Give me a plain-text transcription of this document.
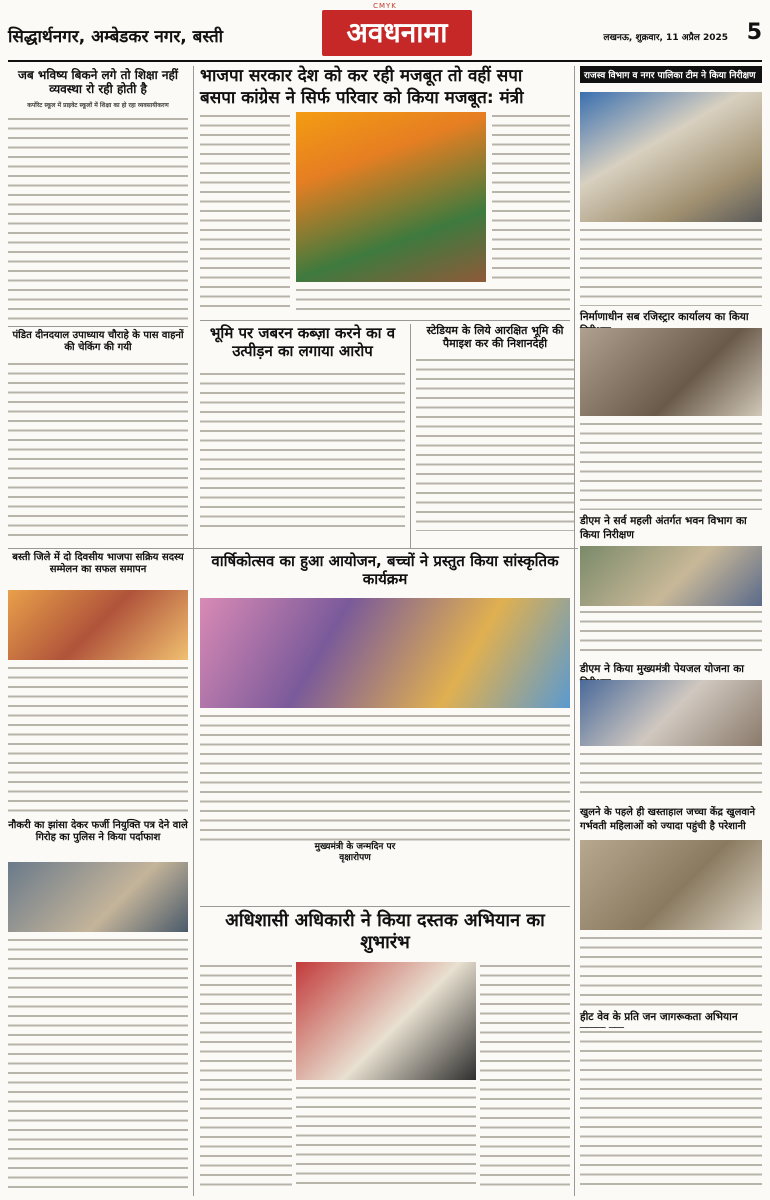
CMYK
सिद्धार्थनगर, अम्बेडकर नगर, बस्ती	अवधनामा	लखनऊ, शुक्रवार, 11 अप्रैल 2025 5
जब भविष्य बिकने लगे तो शिक्षा नहीं व्यवस्था रो रही होती है
कर्पोरेट स्कूल में प्राइवेट स्कूलों में शिक्षा का हो रहा व्यवसायीकरण
पंडित दीनदयाल उपाध्याय चौराहे के पास वाहनों की चेकिंग की गयी
बस्ती जिले में दो दिवसीय भाजपा सक्रिय सदस्य सम्मेलन का सफल समापन
नौकरी का झांसा देकर फर्जी नियुक्ति पत्र देने वाले गिरोह का पुलिस ने किया पर्दाफाश
भाजपा सरकार देश को कर रही मजबूत तो वहीं सपा
बसपा कांग्रेस ने सिर्फ परिवार को किया मजबूत: मंत्री
भूमि पर जबरन कब्ज़ा करने का व उत्पीड़न का लगाया आरोप
स्टेडियम के लिये आरक्षित भूमि की पैमाइश कर की निशानदेही
वार्षिकोत्सव का हुआ आयोजन, बच्चों ने प्रस्तुत किया सांस्कृतिक कार्यक्रम
मुख्यमंत्री के जन्मदिन पर वृक्षारोपण
अधिशासी अधिकारी ने किया दस्तक अभियान का शुभारंभ
राजस्व विभाग व नगर पालिका टीम ने किया निरीक्षण
निर्माणाधीन सब रजिस्ट्रार कार्यालय का किया
डीएम ने सर्व महली अंतर्गत भवन विभाग का किया निरीक्षण
डीएम ने किया मुख्यमंत्री पेयजल योजना का
खुलने के पहले ही खस्ताहाल जच्चा केंद्र खुलवाने गर्भवती महिलाओं को ज्यादा पहुंची है परेशानी
हीट वेव के प्रति जन जागरूकता अभियान
